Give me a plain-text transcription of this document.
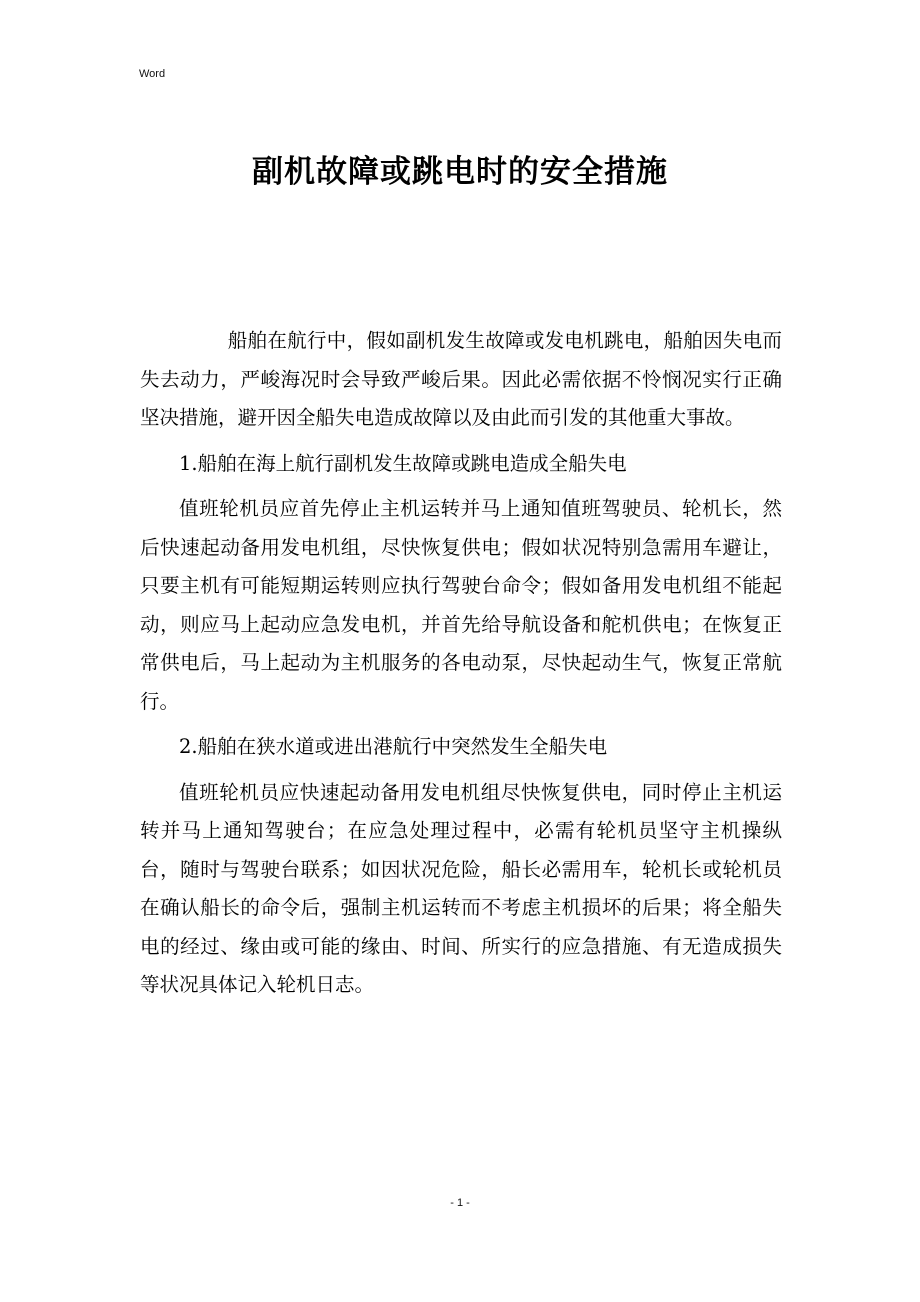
Word
副机故障或跳电时的安全措施

船舶在航行中，假如副机发生故障或发电机跳电，船舶因失电而失去动力，严峻海况时会导致严峻后果。因此必需依据不怜悯况实行正确坚决措施，避开因全船失电造成故障以及由此而引发的其他重大事故。

1.船舶在海上航行副机发生故障或跳电造成全船失电

值班轮机员应首先停止主机运转并马上通知值班驾驶员、轮机长，然后快速起动备用发电机组，尽快恢复供电；假如状况特别急需用车避让，只要主机有可能短期运转则应执行驾驶台命令；假如备用发电机组不能起动，则应马上起动应急发电机，并首先给导航设备和舵机供电；在恢复正常供电后，马上起动为主机服务的各电动泵，尽快起动生气，恢复正常航行。

2.船舶在狭水道或进出港航行中突然发生全船失电

值班轮机员应快速起动备用发电机组尽快恢复供电，同时停止主机运转并马上通知驾驶台；在应急处理过程中，必需有轮机员坚守主机操纵台，随时与驾驶台联系；如因状况危险，船长必需用车，轮机长或轮机员在确认船长的命令后，强制主机运转而不考虑主机损坏的后果；将全船失电的经过、缘由或可能的缘由、时间、所实行的应急措施、有无造成损失等状况具体记入轮机日志。

- 1 -
